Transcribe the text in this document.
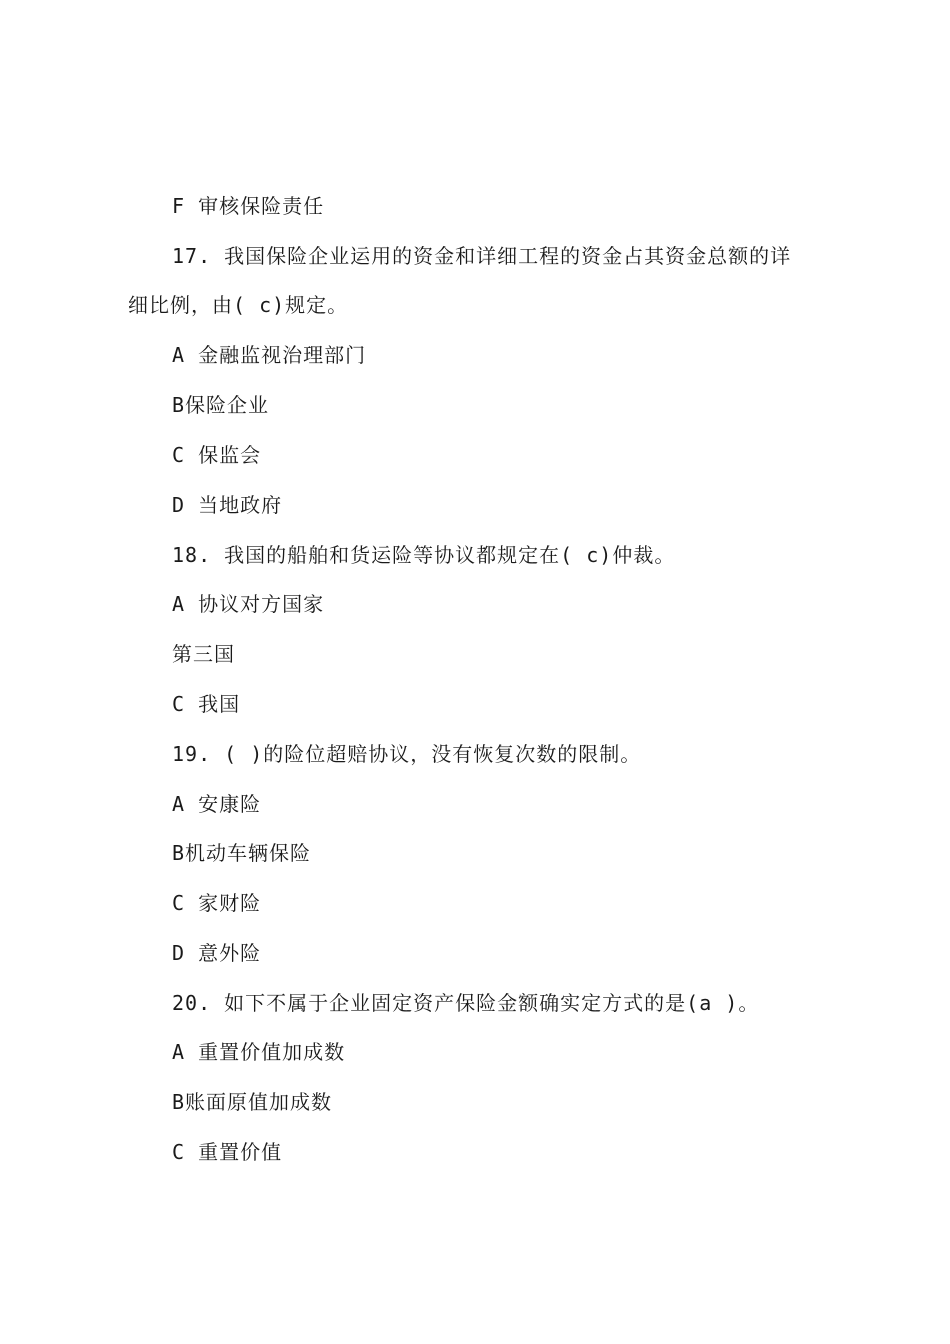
F 审核保险责任
17. 我国保险企业运用的资金和详细工程的资金占其资金总额的详
细比例，由( c)规定。
A 金融监视治理部门
B保险企业
C 保监会
D 当地政府
18. 我国的船舶和货运险等协议都规定在( c)仲裁。
A 协议对方国家
第三国
C 我国
19. ( )的险位超赔协议，没有恢复次数的限制。
A 安康险
B机动车辆保险
C 家财险
D 意外险
20. 如下不属于企业固定资产保险金额确实定方式的是(a )。
A 重置价值加成数
B账面原值加成数
C 重置价值
